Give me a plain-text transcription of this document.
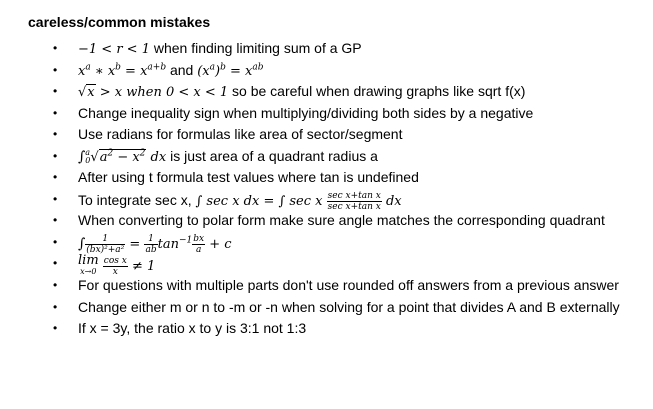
careless/common mistakes
• −1 < r < 1 when finding limiting sum of a GP
• $x^a$ ∗ $x^b = x^{a+b}$ and $(x^a)^b = x^{ab}$
• √x > x when 0 < x < 1 so be careful when drawing graphs like sqrt f(x)
• Change inequality sign when multiplying/dividing both sides by a negative
• Use radians for formulas like area of sector/segment
• ∫ a
0 $√a^2 - x^2$ dx is just area of a quadrant radius a
• After using t formula test values where tan is undefined
• To integrate sec x, ∫ sec x dx = ∫ sec x $\frac{\text{sec x+tan x}}{\text{sec x+tan x}}$ dx
• When converting to polar form make sure angle matches the corresponding quadrant
• ∫ $\frac{1}{\text{(bx)²+a²}} = \frac{1}{ab} \tan^{-1} \frac{bx}{a} + c$
• lim
x→0
$\frac{\text{cos x}}{x} \ne 1$
• For questions with multiple parts don't use rounded off answers from a previous answer
• Change either m or n to -m or -n when solving for a point that divides A and B externally
• If x = 3y, the ratio x to y is 3:1 not 1:3
